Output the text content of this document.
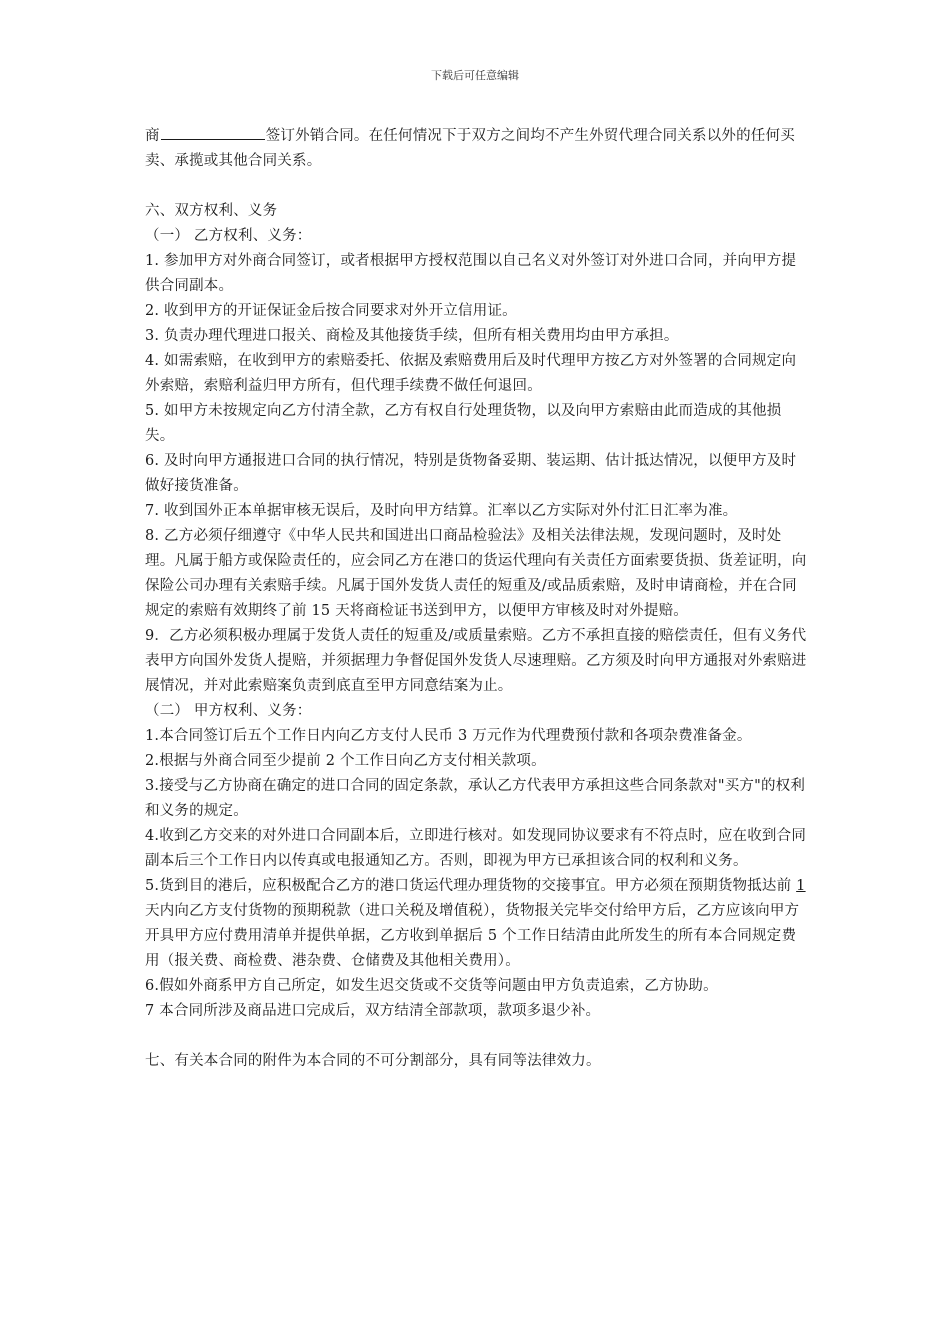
下载后可任意编辑

商	签订外销合同。在任何情况下于双方之间均不产生外贸代理合同关系以外的任何买卖、承揽或其他合同关系。

六、双方权利、义务

（一） 乙方权利、义务：

1. 参加甲方对外商合同签订，或者根据甲方授权范围以自己名义对外签订对外进口合同，并向甲方提供合同副本。

2. 收到甲方的开证保证金后按合同要求对外开立信用证。

3. 负责办理代理进口报关、商检及其他接货手续，但所有相关费用均由甲方承担。

4. 如需索赔，在收到甲方的索赔委托、依据及索赔费用后及时代理甲方按乙方对外签署的合同规定向外索赔，索赔利益归甲方所有，但代理手续费不做任何退回。

5. 如甲方未按规定向乙方付清全款，乙方有权自行处理货物，以及向甲方索赔由此而造成的其他损失。

6. 及时向甲方通报进口合同的执行情况，特别是货物备妥期、装运期、估计抵达情况，以便甲方及时做好接货准备。

7. 收到国外正本单据审核无误后，及时向甲方结算。汇率以乙方实际对外付汇日汇率为准。

8. 乙方必须仔细遵守《中华人民共和国进出口商品检验法》及相关法律法规，发现问题时，及时处理。凡属于船方或保险责任的，应会同乙方在港口的货运代理向有关责任方面索要货损、货差证明，向保险公司办理有关索赔手续。凡属于国外发货人责任的短重及/或品质索赔，及时申请商检，并在合同规定的索赔有效期终了前 15 天将商检证书送到甲方，以便甲方审核及时对外提赔。

9．乙方必须积极办理属于发货人责任的短重及/或质量索赔。乙方不承担直接的赔偿责任，但有义务代表甲方向国外发货人提赔，并须据理力争督促国外发货人尽速理赔。乙方须及时向甲方通报对外索赔进展情况，并对此索赔案负责到底直至甲方同意结案为止。

（二） 甲方权利、义务：

1.本合同签订后五个工作日内向乙方支付人民币 3 万元作为代理费预付款和各项杂费准备金。

2.根据与外商合同至少提前 2 个工作日向乙方支付相关款项。

3.接受与乙方协商在确定的进口合同的固定条款，承认乙方代表甲方承担这些合同条款对"买方"的权利和义务的规定。

4.收到乙方交来的对外进口合同副本后，立即进行核对。如发现同协议要求有不符点时，应在收到合同副本后三个工作日内以传真或电报通知乙方。否则，即视为甲方已承担该合同的权利和义务。

5.货到目的港后，应积极配合乙方的港口货运代理办理货物的交接事宜。甲方必须在预期货物抵达前 1天内向乙方支付货物的预期税款（进口关税及增值税），货物报关完毕交付给甲方后，乙方应该向甲方开具甲方应付费用清单并提供单据，乙方收到单据后 5 个工作日结清由此所发生的所有本合同规定费用（报关费、商检费、港杂费、仓储费及其他相关费用）。

6.假如外商系甲方自己所定，如发生迟交货或不交货等问题由甲方负责追索，乙方协助。

7 本合同所涉及商品进口完成后，双方结清全部款项，款项多退少补。

七、有关本合同的附件为本合同的不可分割部分，具有同等法律效力。
